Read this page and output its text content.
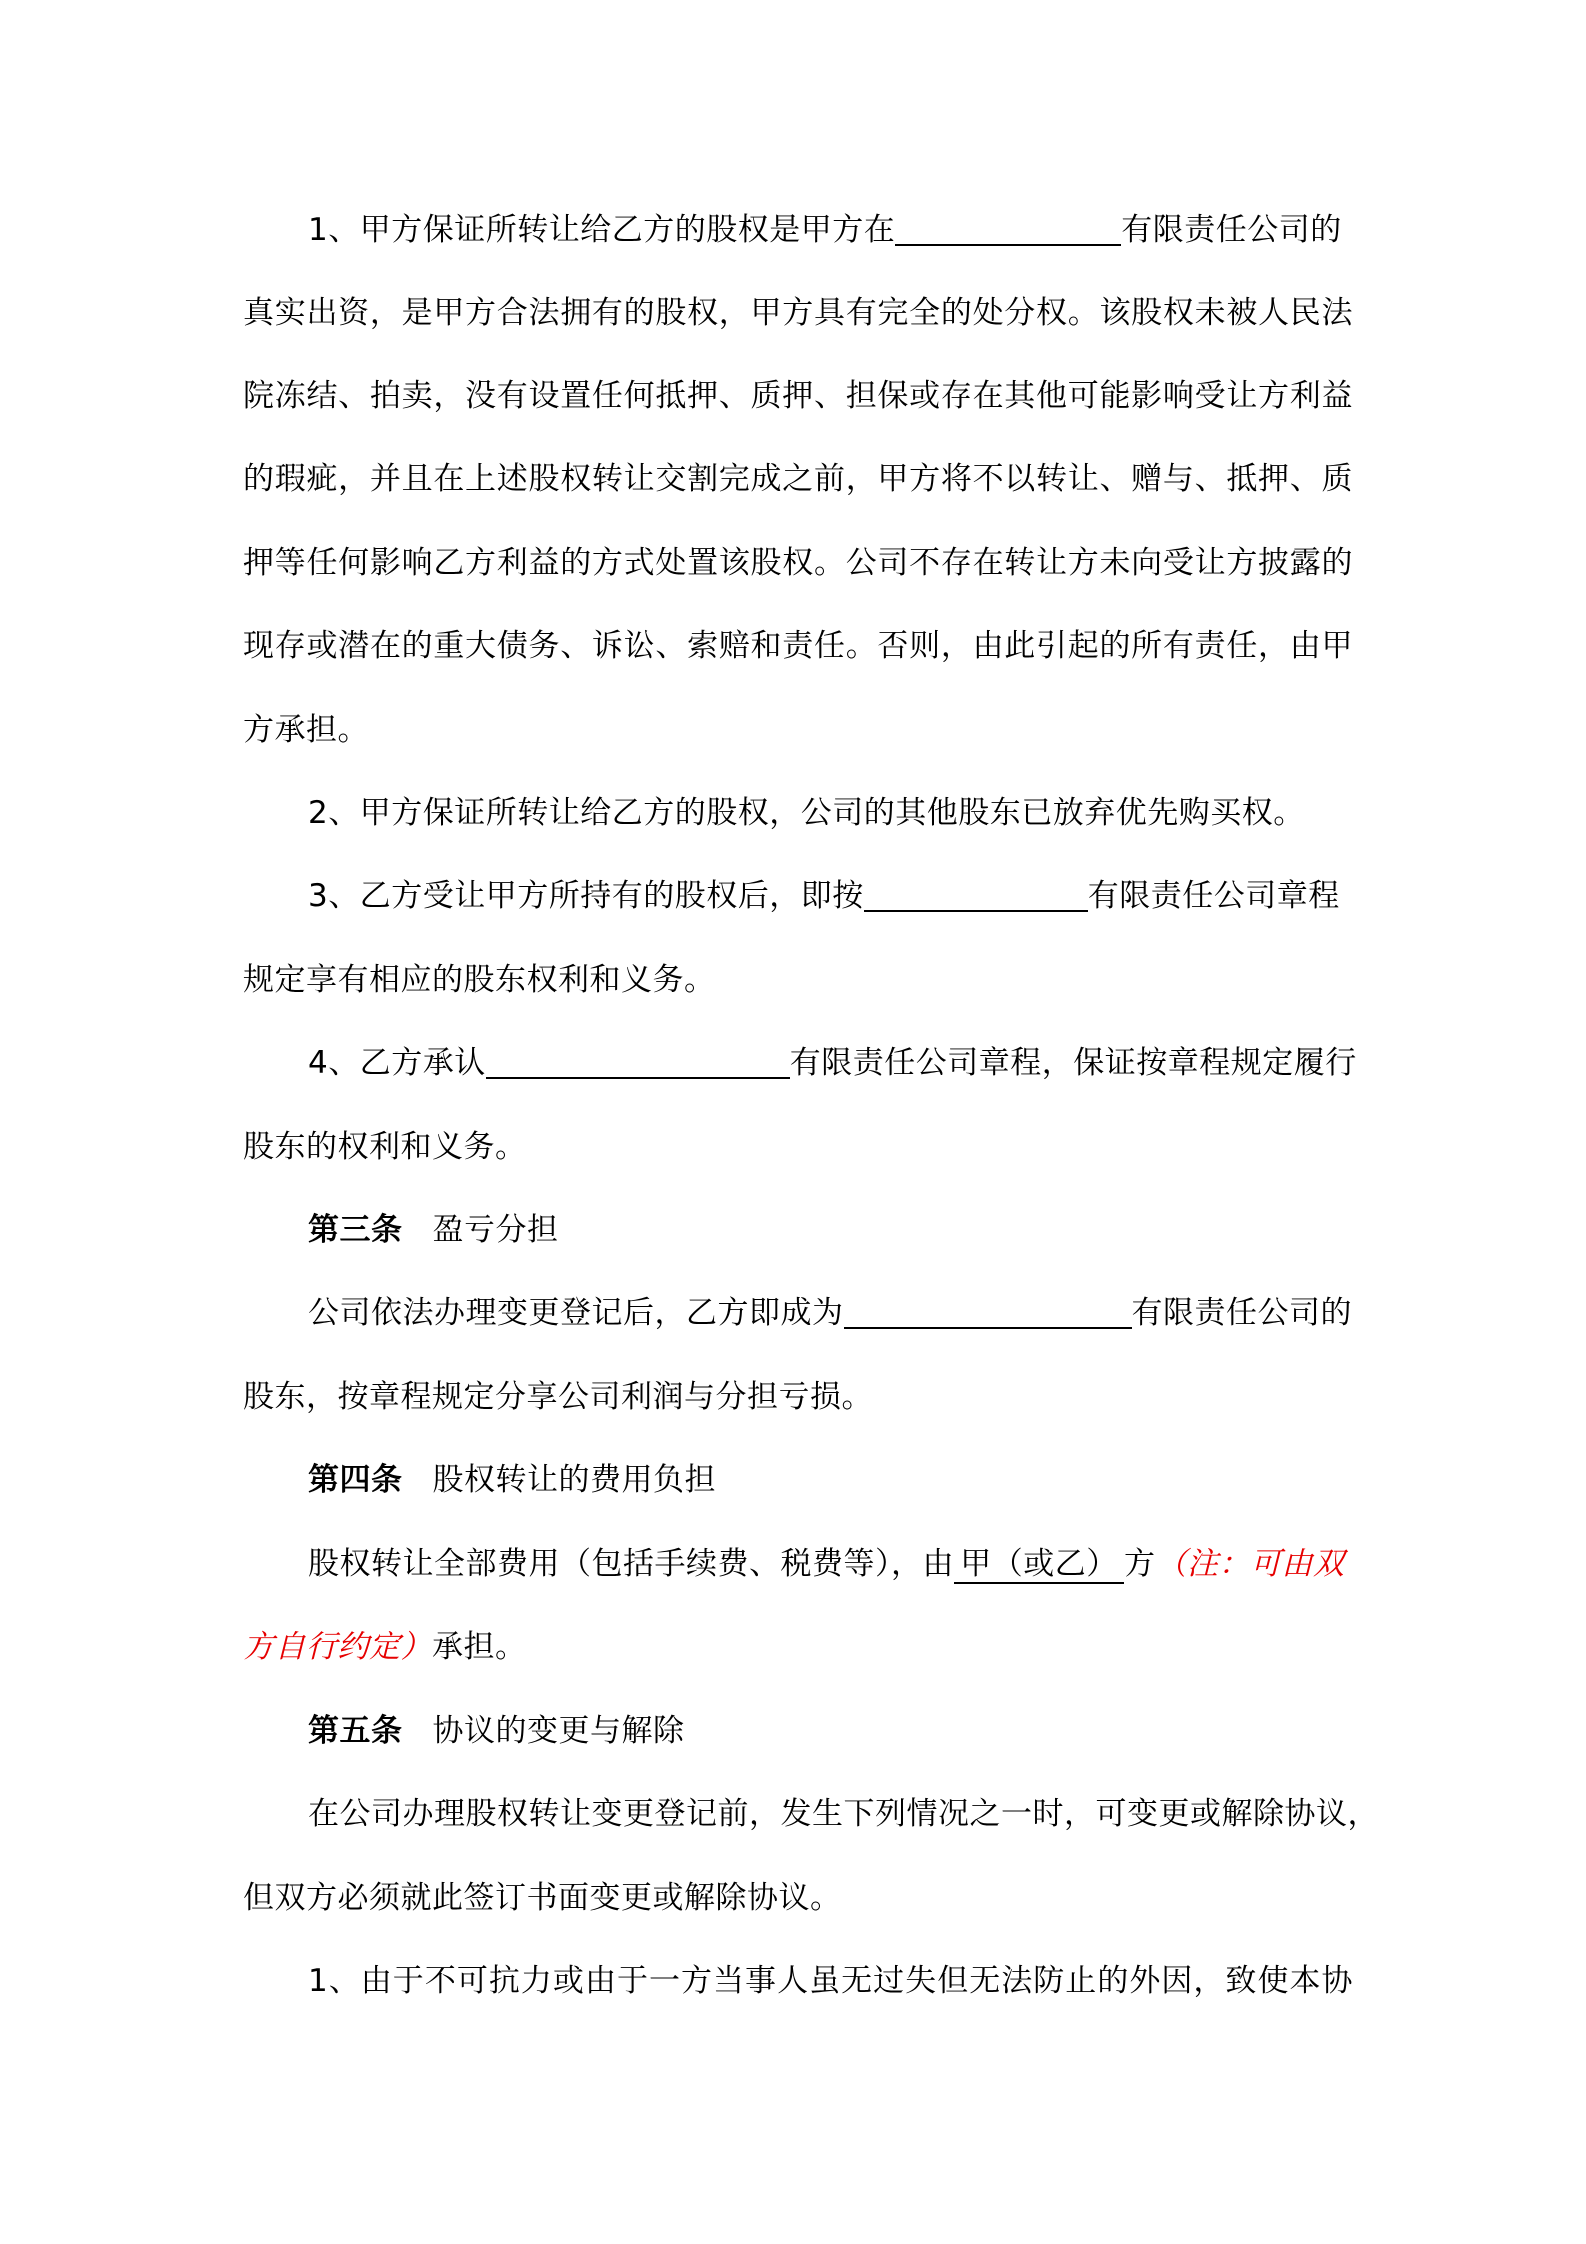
1、甲方保证所转让给乙方的股权是甲方在	有限责任公司的
真实出资，是甲方合法拥有的股权，甲方具有完全的处分权。该股权未被人民法
院冻结、拍卖，没有设置任何抵押、质押、担保或存在其他可能影响受让方利益
的瑕疵，并且在上述股权转让交割完成之前，甲方将不以转让、赠与、抵押、质
押等任何影响乙方利益的方式处置该股权。公司不存在转让方未向受让方披露的
现存或潜在的重大债务、诉讼、索赔和责任。否则，由此引起的所有责任，由甲
方承担。
2、甲方保证所转让给乙方的股权，公司的其他股东已放弃优先购买权。
3、乙方受让甲方所持有的股权后，即按	有限责任公司章程
规定享有相应的股东权利和义务。
4、乙方承认	有限责任公司章程，保证按章程规定履行
股东的权利和义务。
第三条 盈亏分担
公司依法办理变更登记后，乙方即成为	有限责任公司的
股东，按章程规定分享公司利润与分担亏损。
第四条 股权转让的费用负担
股权转让全部费用（包括手续费、税费等），由 甲（或乙） 方（注：可由双
方自行约定）承担。
第五条 协议的变更与解除
在公司办理股权转让变更登记前，发生下列情况之一时，可变更或解除协议，
但双方必须就此签订书面变更或解除协议。
1、由于不可抗力或由于一方当事人虽无过失但无法防止的外因，致使本协
